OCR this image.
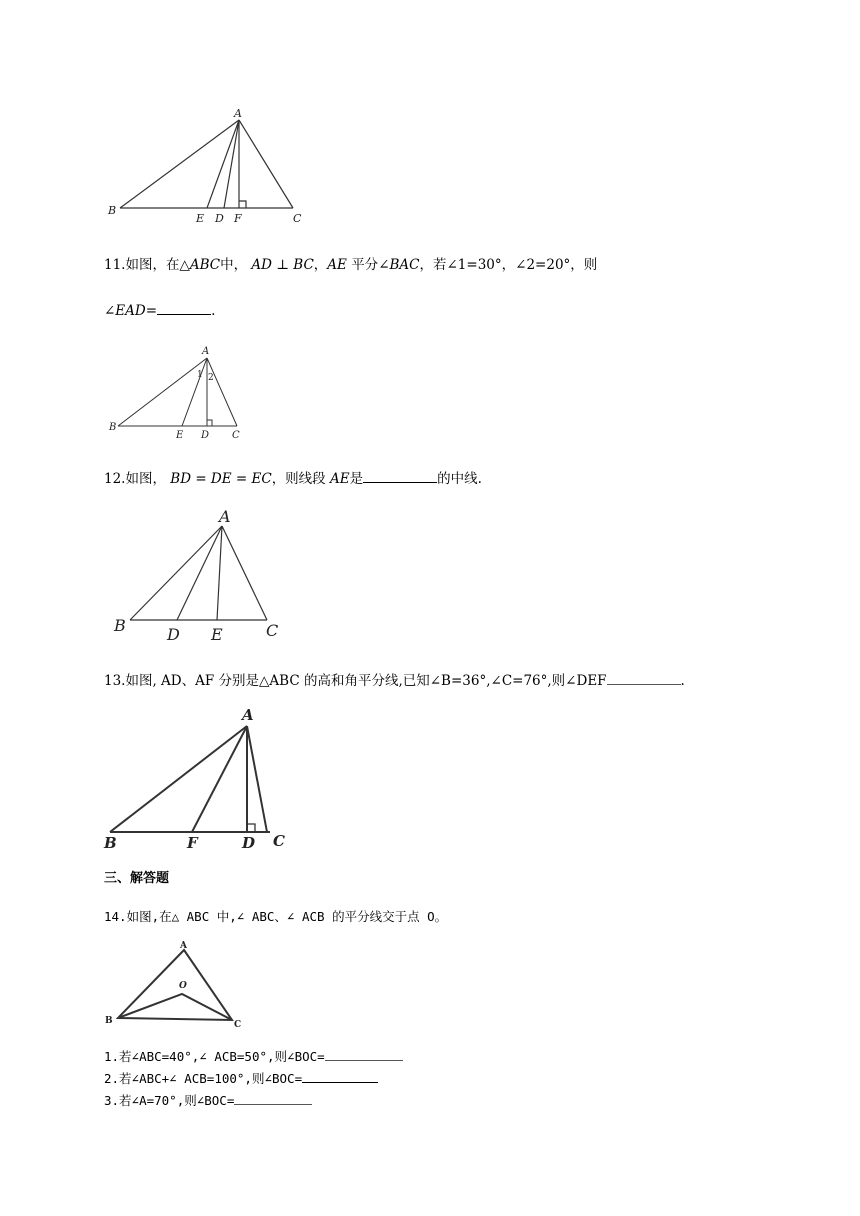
A
B
E D F	C
11.如图，在△ABC中， AD ⊥ BC，AE 平分∠BAC，若∠1=30°，∠2=20°，则
∠EAD=	.
A
1 2
B
E D C
12.如图， BD = DE = EC，则线段 AE是	的中线.
A
B	D E	C
13.如图, AD、AF 分别是△ABC 的高和角平分线,已知∠B=36°,∠C=76°,则∠DEF	.
A
B	F	D C
三、解答题
14.如图,在△ ABC 中,∠ ABC、∠ ACB 的平分线交于点 O。
A
O
B	C
1.若∠ABC=40°,∠ ACB=50°,则∠BOC=
2.若∠ABC+∠ ACB=100°,则∠BOC=
3.若∠A=70°,则∠BOC=
